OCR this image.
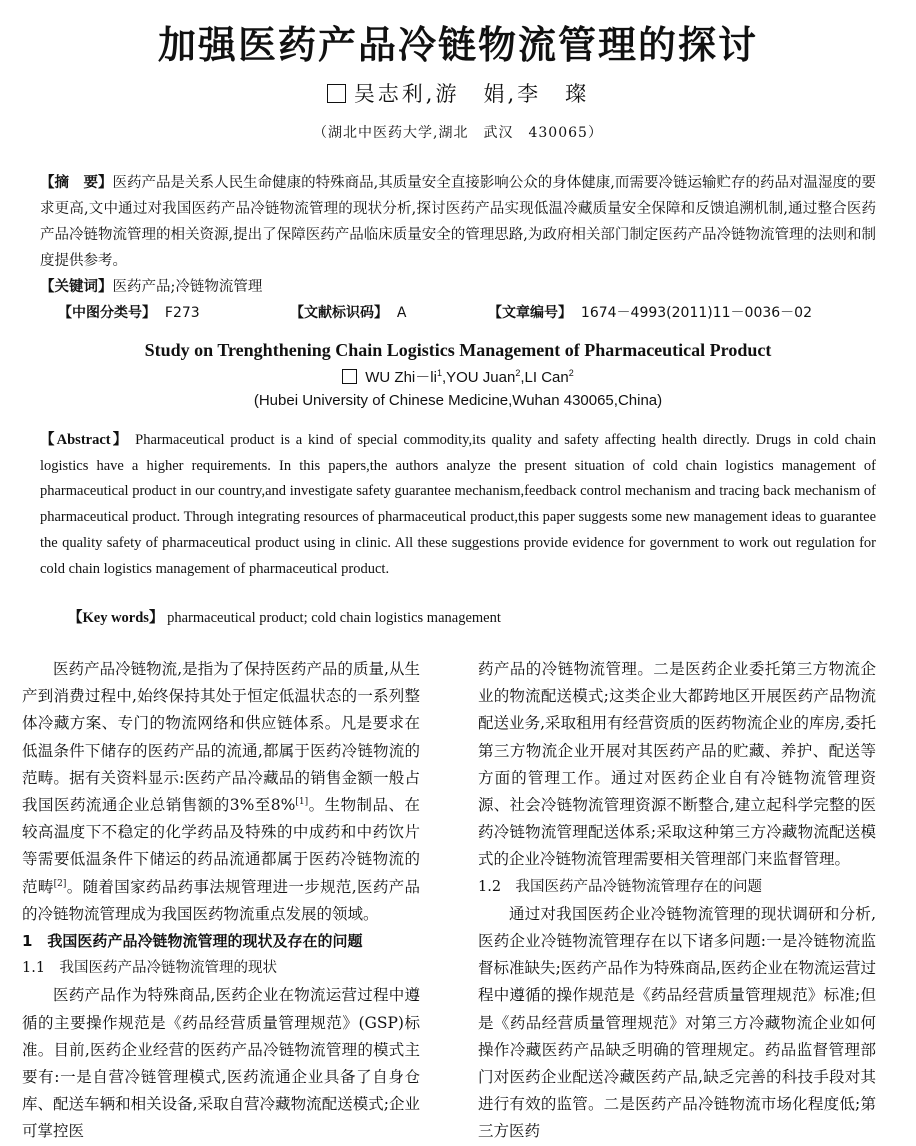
加强医药产品冷链物流管理的探讨
吴志利,游　娟,李　璨
（湖北中医药大学,湖北　武汉　430065）
【摘　要】医药产品是关系人民生命健康的特殊商品,其质量安全直接影响公众的身体健康,而需要冷链运输贮存的药品对温湿度的要求更高,文中通过对我国医药产品冷链物流管理的现状分析,探讨医药产品实现低温冷藏质量安全保障和反馈追溯机制,通过整合医药产品冷链物流管理的相关资源,提出了保障医药产品临床质量安全的管理思路,为政府相关部门制定医药产品冷链物流管理的法则和制度提供参考。
【关键词】医药产品;冷链物流管理
【中图分类号】 F273	【文献标识码】 A	【文章编号】 1674－4993(2011)11－0036－02
Study on Trenghthening Chain Logistics Management of Pharmaceutical Product
WU $Zhi-li^1,YOU$ Juan$^2$,LI Can$^2$
(Hubei University of Chinese Medicine,Wuhan 430065,China)
【Abstract】 Pharmaceutical product is a kind of special commodity,its quality and safety affecting health directly. Drugs in cold chain logistics have a higher requirements. In this papers,the authors analyze the present situation of cold chain logistics management of pharmaceutical product in our country,and investigate safety guarantee mechanism,feedback control mechanism and tracing back mechanism of pharmaceutical product. Through integrating resources of pharmaceutical product,this paper suggests some new management ideas to guarantee the quality safety of pharmaceutical product using in clinic. All these suggestions provide evidence for government to work out regulation for cold chain logistics management of pharmaceutical product.
【Key words】 pharmaceutical product; cold chain logistics management

医药产品冷链物流,是指为了保持医药产品的质量,从生产到消费过程中,始终保持其处于恒定低温状态的一系列整体冷藏方案、专门的物流网络和供应链体系。凡是要求在低温条件下储存的医药产品的流通,都属于医药冷链物流的范畴。据有关资料显示:医药产品冷藏品的销售金额一般占我国医药流通企业总销售额的3%至8%[1]。生物制品、在较高温度下不稳定的化学药品及特殊的中成药和中药饮片等需要低温条件下储运的药品流通都属于医药冷链物流的范畴[2]。随着国家药品药事法规管理进一步规范,医药产品的冷链物流管理成为我国医药物流重点发展的领域。

1　我国医药产品冷链物流管理的现状及存在的问题

1.1　我国医药产品冷链物流管理的现状

医药产品作为特殊商品,医药企业在物流运营过程中遵循的主要操作规范是《药品经营质量管理规范》(GSP)标准。目前,医药企业经营的医药产品冷链物流管理的模式主要有:一是自营冷链管理模式,医药流通企业具备了自身仓库、配送车辆和相关设备,采取自营冷藏物流配送模式;企业可掌控医

药产品的冷链物流管理。二是医药企业委托第三方物流企业的物流配送模式;这类企业大都跨地区开展医药产品物流配送业务,采取租用有经营资质的医药物流企业的库房,委托第三方物流企业开展对其医药产品的贮藏、养护、配送等方面的管理工作。通过对医药企业自有冷链物流管理资源、社会冷链物流管理资源不断整合,建立起科学完整的医药冷链物流管理配送体系;采取这种第三方冷藏物流配送模式的企业冷链物流管理需要相关管理部门来监督管理。

1.2　我国医药产品冷链物流管理存在的问题

通过对我国医药企业冷链物流管理的现状调研和分析,医药企业冷链物流管理存在以下诸多问题:一是冷链物流监督标准缺失;医药产品作为特殊商品,医药企业在物流运营过程中遵循的操作规范是《药品经营质量管理规范》标准;但是《药品经营质量管理规范》对第三方冷藏物流企业如何操作冷藏医药产品缺乏明确的管理规定。药品监督管理部门对医药企业配送冷藏医药产品,缺乏完善的科技手段对其进行有效的监管。二是医药产品冷链物流市场化程度低;第三方医药
